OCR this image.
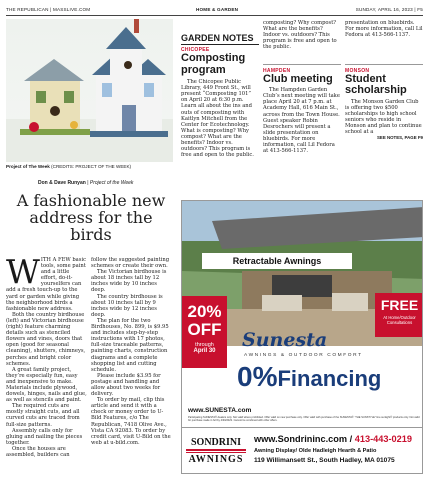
THE REPUBLICAN | MASSLIVE.COM	HOME & GARDEN	SUNDAY, APRIL 16, 2023 | F5
Project of The Week (CREDITS: PROJECT OF THE WEEK)
GARDEN NOTES
CHICOPEE
Composting program

The Chicopee Public Library, 449 Front St., will present “Composting 101” on April 20 at 6:30 p.m. Learn all about the ins and outs of composting with Kaitlyn Mitchell from the Center for Ecotechnology. What is composting? Why compost? What are the benefits? Indoor vs. outdoors? This program is free and open to the public.

composting? Why compost? What are the benefits? Indoor vs. outdoors? This program is free and open to the public.

HAMPDEN
Club meeting

The Hampden Garden Club’s next meeting will take place April 20 at 7 p.m. at Academy Hall, 616 Main St., across from the Town House. Guest speaker Robin Desrochers will present a slide presentation on bluebirds. For more information, call Lil Fedora at 413-566-1137.

presentation on bluebirds. For more information, call Lil Fedora at 413-566-1137.

MONSON
Student scholarship

The Monson Garden Club is offering two $500 scholarships to high school seniors who reside in Monson and plan to continue school at a

SEE NOTES, PAGE F9
Don & Dave Runyan | Project of the Week
A fashionable new address for the birds
W ITH A FEW basic tools, some paint and a little effort, do-it-yourselfers can add a fresh touch-up to the yard or garden while giving the neighborhood birds a fashionable new address.

Both the country birdhouse (left) and Victorian birdhouse (right) feature charming details such as stenciled flowers and vines, doors that open (good for seasonal cleaning), shutters, chimneys, perches and bright color schemes.

A great family project, they’re especially fun, easy and inexpensive to make. Materials include plywood, dowels, hinges, nails and glue, as well as stencils and paint.

The required cuts are mostly straight cuts, and all curved cuts are traced from full-size patterns.

Assembly calls only for gluing and nailing the pieces together.

Once the houses are assembled, builders can

follow the suggested painting schemes or create their own.

The Victorian birdhouse is about 18 inches tall by 12 inches wide by 10 inches deep.

The country birdhouse is about 10 inches tall by 9 inches wide by 12 inches deep.

The plan for the two Birdhouses, No. 899, is $9.95 and includes step-by-step instructions with 17 photos, full-size traceable patterns, painting charts, construction diagrams and a complete shopping list and cutting schedule.

Please include $3.95 for postage and handling and allow about two weeks for delivery.

To order by mail, clip this article and send it with a check or money order to U-Bild Features, c/o The Republican, 7418 Olive Ave., Vista CA 92083. To order by credit card, visit U-Bild on the web at u-bild.com.

Retractable Awnings
20%
OFF
through
April 30
FREE
At Home/Outdoor Consultations
Sunesta
AWNINGS & OUTDOOR COMFORT
0%Financing
www.SUNESTA.com
Participating SUNESTA® dealers only. Not valid where prohibited. Offer valid on new purchase only. Offer valid with purchase of the SUNESTA® “THE SUNSTYLE” line sunlight® products only. Not valid for purchase made in full by 4/30/2023. Cannot be combined with other offers.
SONDRINI
AWNINGS
www.Sondrininc.com / 413-443-0219
Awning Display/ Olde Hadleigh Hearth & Patio
119 Willimansett St., South Hadley, MA 01075
